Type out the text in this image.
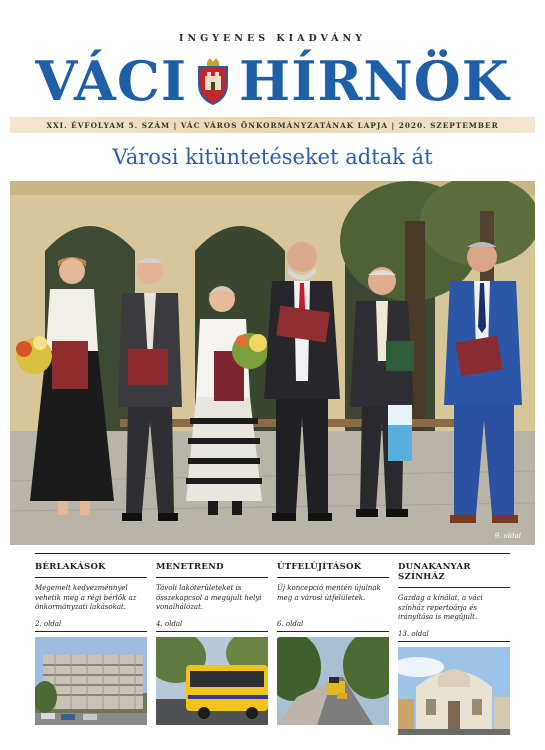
INGYENES KIADVÁNY
VÁCI HÍRNÖK
XXI. ÉVFOLYAM 5. SZÁM | VÁC VÁROS ÖNKORMÁNYZATÁNAK LAPJA | 2020. SZEPTEMBER
Városi kitüntetéseket adtak át
9. oldal
BÉRLAKÁSOK
Megemelt kedvezménnyel vehetik meg a régi bérlők az önkormányzati lakásokat.
2. oldal
MENETREND
Távoli lakóterületeket is összekapcsol a megújult helyi vonalhálózat.
4. oldal
ÚTFELÚJÍTÁSOK
Új koncepció mentén újulnak meg a városi útfelületek.
6. oldal
DUNAKANYAR SZÍNHÁZ
Gazdag a kínálat, a váci színház repertoárja és irányítása is megújult.
13. oldal
